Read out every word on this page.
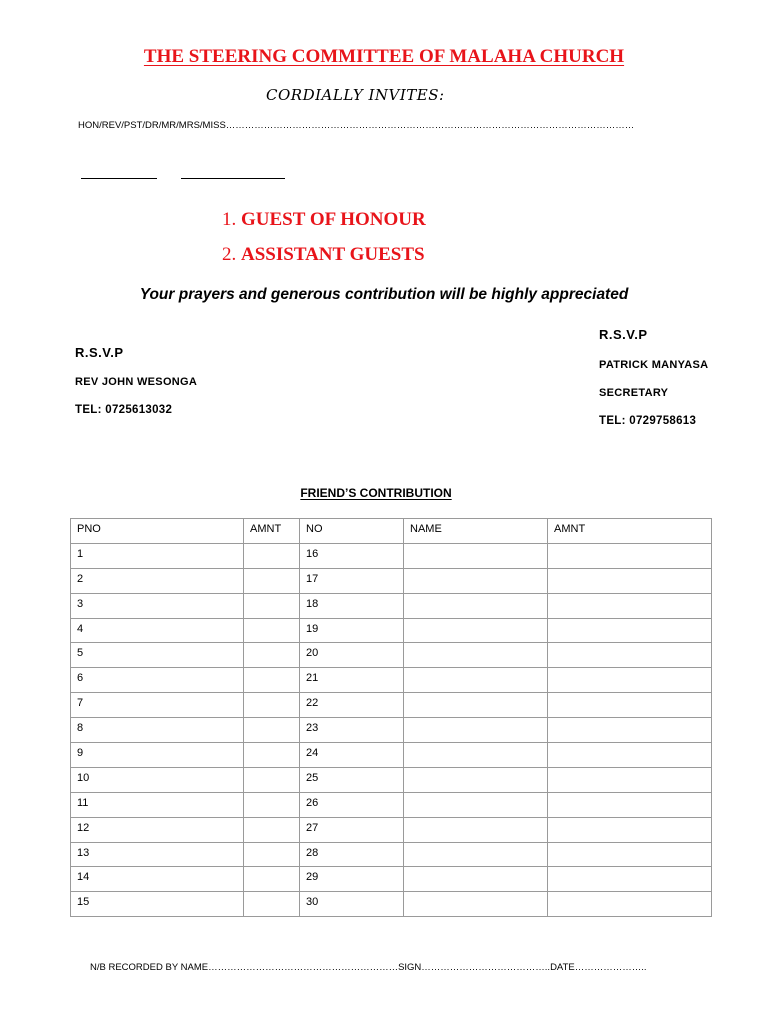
THE STEERING COMMITTEE OF MALAHA CHURCH
CORDIALLY INVITES:
HON/REV/PST/DR/MR/MRS/MISS…………………………………………………………………………………………………………………
1. GUEST OF HONOUR
2. ASSISTANT GUESTS
Your prayers and generous contribution will be highly appreciated
R.S.V.P
REV JOHN WESONGA
TEL: 0725613032
R.S.V.P
PATRICK MANYASA
SECRETARY
TEL: 0729758613
FRIEND’S CONTRIBUTION
PNO	AMNT	NO	NAME	AMNT
1		16		
2		17		
3		18		
4		19		
5		20		
6		21		
7		22		
8		23		
9		24		
10		25		
11		26		
12		27		
13		28		
14		29		
15		30		
N/B RECORDED BY NAME……………………………………………………SIGN…………………………………..DATE…………………..
